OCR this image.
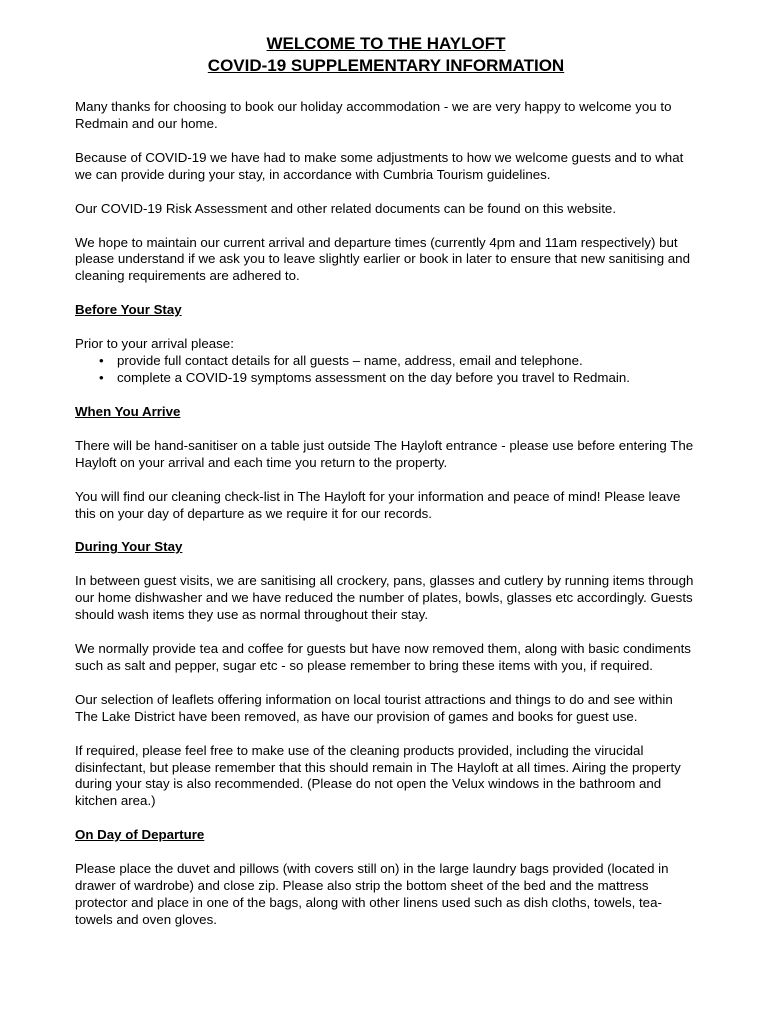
WELCOME TO THE HAYLOFT
COVID-19 SUPPLEMENTARY INFORMATION

Many thanks for choosing to book our holiday accommodation - we are very happy to welcome you to Redmain and our home.

Because of COVID-19 we have had to make some adjustments to how we welcome guests and to what we can provide during your stay, in accordance with Cumbria Tourism guidelines.

Our COVID-19 Risk Assessment and other related documents can be found on this website.

We hope to maintain our current arrival and departure times (currently 4pm and 11am respectively) but please understand if we ask you to leave slightly earlier or book in later to ensure that new sanitising and cleaning requirements are adhered to.

Before Your Stay

Prior to your arrival please:

• provide full contact details for all guests – name, address, email and telephone.
• complete a COVID-19 symptoms assessment on the day before you travel to Redmain.
When You Arrive

There will be hand-sanitiser on a table just outside The Hayloft entrance - please use before entering The Hayloft on your arrival and each time you return to the property.

You will find our cleaning check-list in The Hayloft for your information and peace of mind! Please leave this on your day of departure as we require it for our records.

During Your Stay

In between guest visits, we are sanitising all crockery, pans, glasses and cutlery by running items through our home dishwasher and we have reduced the number of plates, bowls, glasses etc accordingly. Guests should wash items they use as normal throughout their stay.

We normally provide tea and coffee for guests but have now removed them, along with basic condiments such as salt and pepper, sugar etc - so please remember to bring these items with you, if required.

Our selection of leaflets offering information on local tourist attractions and things to do and see within The Lake District have been removed, as have our provision of games and books for guest use.

If required, please feel free to make use of the cleaning products provided, including the virucidal disinfectant, but please remember that this should remain in The Hayloft at all times. Airing the property during your stay is also recommended. (Please do not open the Velux windows in the bathroom and kitchen area.)

On Day of Departure

Please place the duvet and pillows (with covers still on) in the large laundry bags provided (located in drawer of wardrobe) and close zip. Please also strip the bottom sheet of the bed and the mattress protector and place in one of the bags, along with other linens used such as dish cloths, towels, tea-towels and oven gloves.
